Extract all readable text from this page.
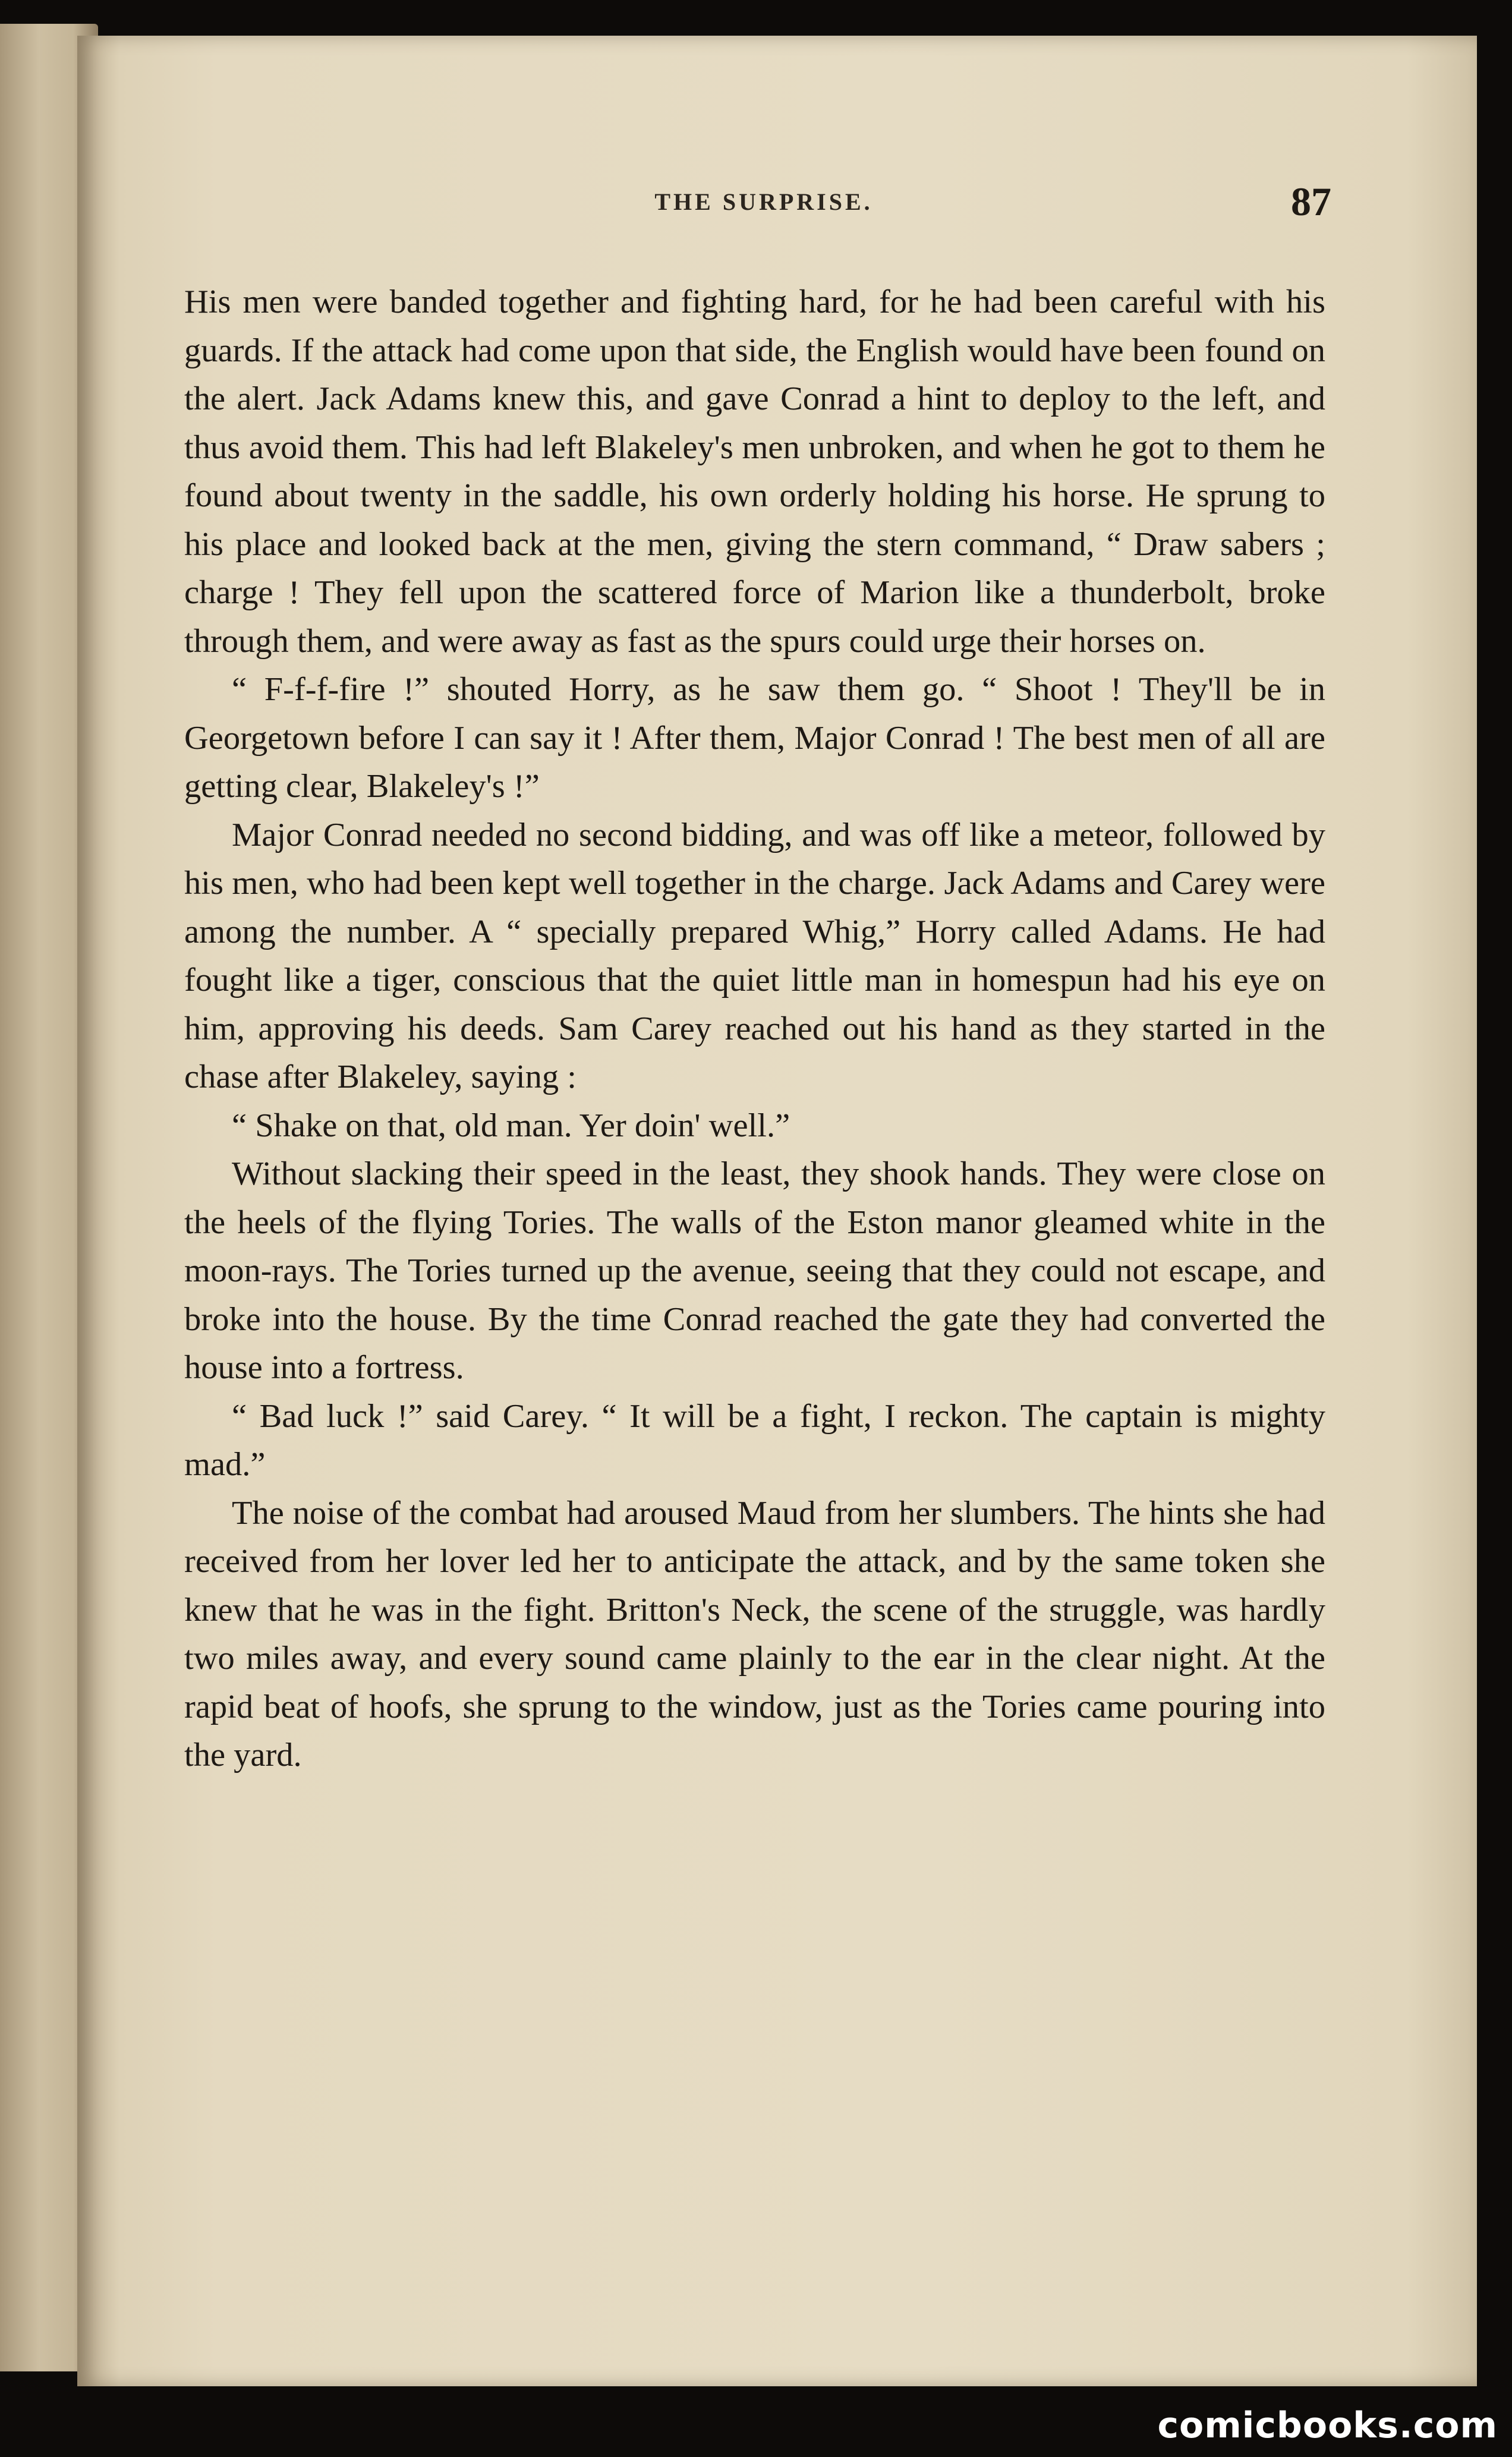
THE SURPRISE.	87

His men were banded together and fighting hard, for he had been careful with his guards. If the attack had come upon that side, the English would have been found on the alert. Jack Adams knew this, and gave Conrad a hint to deploy to the left, and thus avoid them. This had left Blakeley's men unbroken, and when he got to them he found about twenty in the saddle, his own orderly holding his horse. He sprung to his place and looked back at the men, giving the stern command, “ Draw sabers ; charge ! They fell upon the scattered force of Marion like a thunderbolt, broke through them, and were away as fast as the spurs could urge their horses on.

“ F-f-f-fire !” shouted Horry, as he saw them go. “ Shoot ! They'll be in Georgetown before I can say it ! After them, Major Conrad ! The best men of all are getting clear, Blakeley's !”

Major Conrad needed no second bidding, and was off like a meteor, followed by his men, who had been kept well together in the charge. Jack Adams and Carey were among the number. A “ specially prepared Whig,” Horry called Adams. He had fought like a tiger, conscious that the quiet little man in homespun had his eye on him, approving his deeds. Sam Carey reached out his hand as they started in the chase after Blakeley, saying :

“ Shake on that, old man. Yer doin' well.”

Without slacking their speed in the least, they shook hands. They were close on the heels of the flying Tories. The walls of the Eston manor gleamed white in the moon-rays. The Tories turned up the avenue, seeing that they could not escape, and broke into the house. By the time Conrad reached the gate they had converted the house into a fortress.

“ Bad luck !” said Carey. “ It will be a fight, I reckon. The captain is mighty mad.”

The noise of the combat had aroused Maud from her slumbers. The hints she had received from her lover led her to anticipate the attack, and by the same token she knew that he was in the fight. Britton's Neck, the scene of the struggle, was hardly two miles away, and every sound came plainly to the ear in the clear night. At the rapid beat of hoofs, she sprung to the window, just as the Tories came pouring into the yard.

comicbooks.com
